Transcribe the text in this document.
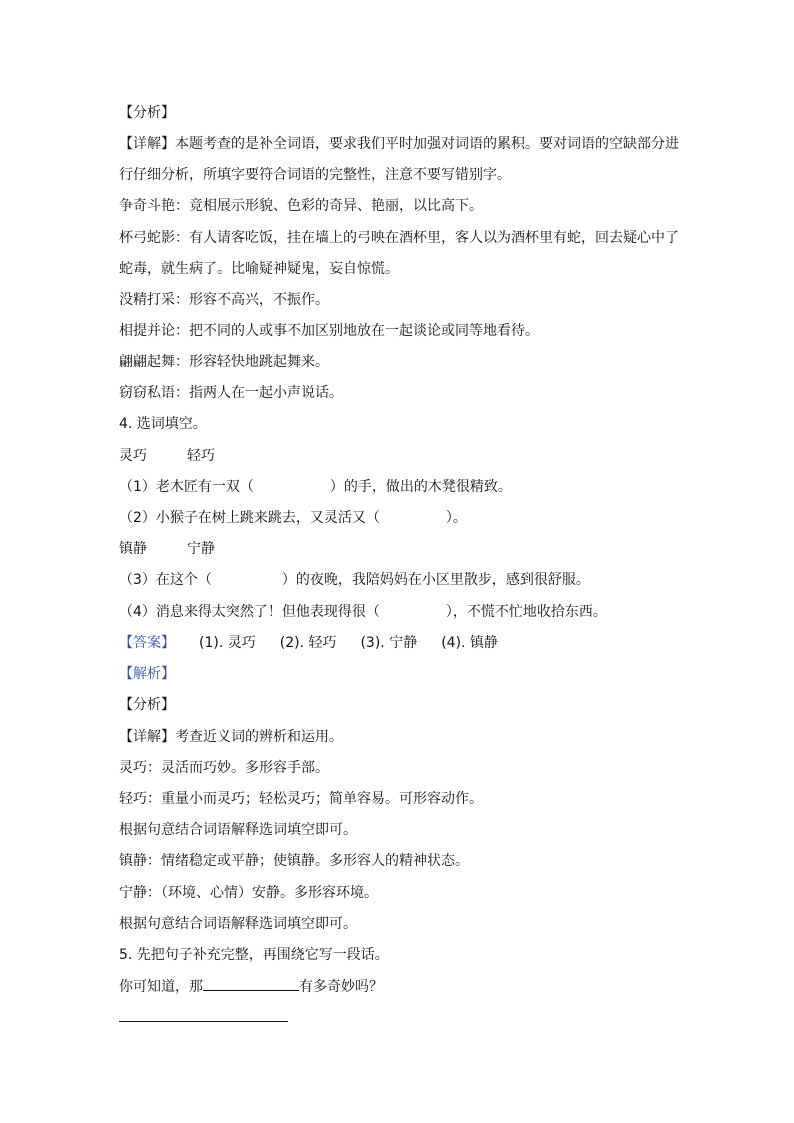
【分析】
【详解】本题考查的是补全词语，要求我们平时加强对词语的累积。要对词语的空缺部分进
行仔细分析，所填字要符合词语的完整性，注意不要写错别字。
争奇斗艳：竞相展示形貌、色彩的奇异、艳丽，以比高下。
杯弓蛇影：有人请客吃饭，挂在墙上的弓映在酒杯里，客人以为酒杯里有蛇，回去疑心中了
蛇毒，就生病了。比喻疑神疑鬼，妄自惊慌。
没精打采：形容不高兴，不振作。
相提并论：把不同的人或事不加区别地放在一起谈论或同等地看待。
翩翩起舞：形容轻快地跳起舞来。
窃窃私语：指两人在一起小声说话。
4. 选词填空。
灵巧	轻巧
（1）老木匠有一双（	）的手，做出的木凳很精致。
（2）小猴子在树上跳来跳去，又灵活又（	）。
镇静	宁静
（3）在这个（	）的夜晚，我陪妈妈在小区里散步，感到很舒服。
（4）消息来得太突然了！但他表现得很（	），不慌不忙地收拾东西。
【答案】 (1). 灵巧 (2). 轻巧 (3). 宁静 (4). 镇静
【解析】
【分析】
【详解】考查近义词的辨析和运用。
灵巧：灵活而巧妙。多形容手部。
轻巧：重量小而灵巧；轻松灵巧；简单容易。可形容动作。
根据句意结合词语解释选词填空即可。
镇静：情绪稳定或平静；使镇静。多形容人的精神状态。
宁静：（环境、心情）安静。多形容环境。
根据句意结合词语解释选词填空即可。
5. 先把句子补充完整，再围绕它写一段话。
你可知道，那	有多奇妙吗？
